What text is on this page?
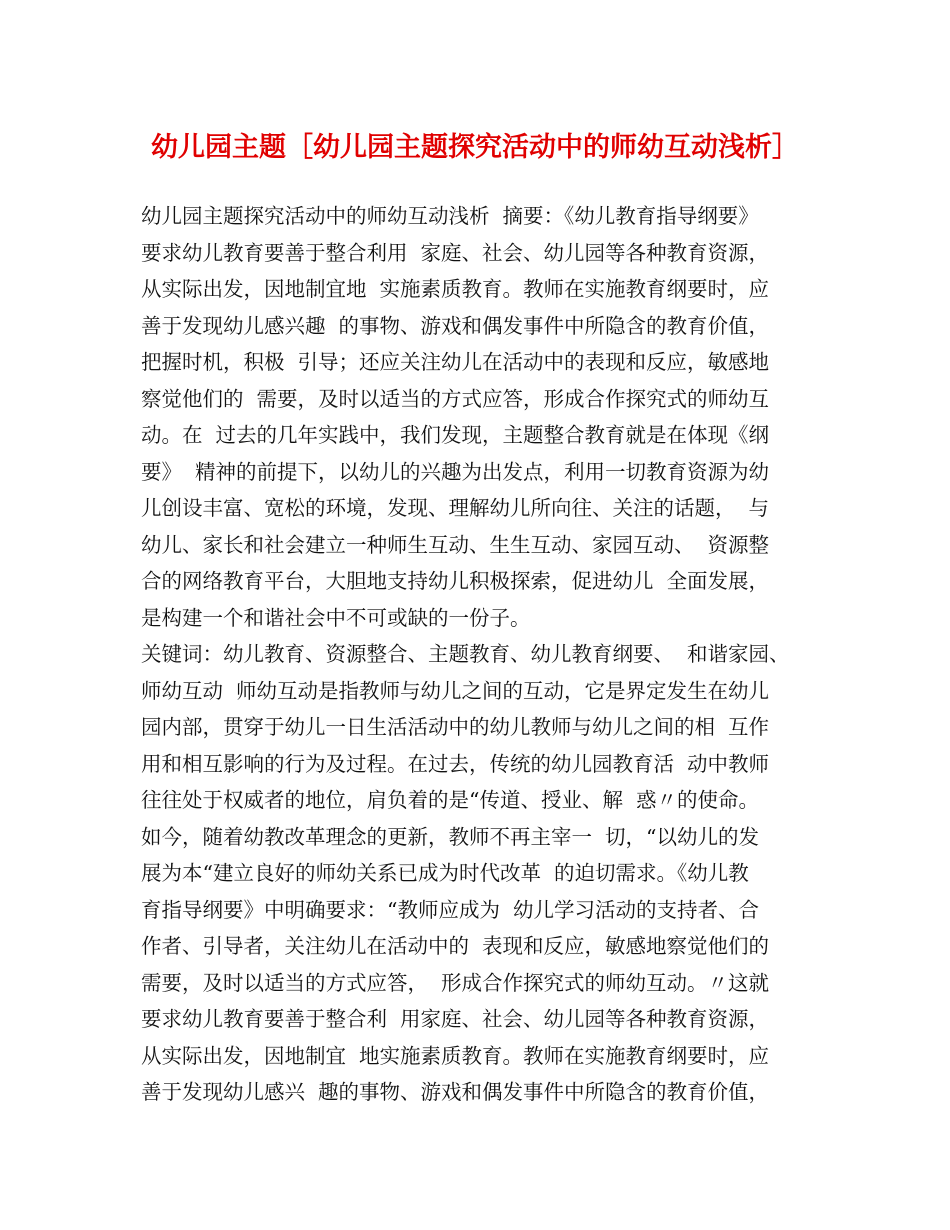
幼儿园主题［幼儿园主题探究活动中的师幼互动浅析］
幼儿园主题探究活动中的师幼互动浅析  摘要：《幼儿教育指导纲要》
要求幼儿教育要善于整合利用  家庭、社会、幼儿园等各种教育资源，
从实际出发，因地制宜地  实施素质教育。教师在实施教育纲要时，应
善于发现幼儿感兴趣  的事物、游戏和偶发事件中所隐含的教育价值，
把握时机，积极  引导；还应关注幼儿在活动中的表现和反应，敏感地
察觉他们的  需要，及时以适当的方式应答，形成合作探究式的师幼互
动。在  过去的几年实践中，我们发现，主题整合教育就是在体现《纲
要》  精神的前提下，以幼儿的兴趣为出发点，利用一切教育资源为幼
儿创设丰富、宽松的环境，发现、理解幼儿所向往、关注的话题，  与
幼儿、家长和社会建立一种师生互动、生生互动、家园互动、  资源整
合的网络教育平台，大胆地支持幼儿积极探索，促进幼儿  全面发展，
是构建一个和谐社会中不可或缺的一份子。
关键词：幼儿教育、资源整合、主题教育、幼儿教育纲要、  和谐家园、
师幼互动  师幼互动是指教师与幼儿之间的互动，它是界定发生在幼儿
园内部，贯穿于幼儿一日生活活动中的幼儿教师与幼儿之间的相  互作
用和相互影响的行为及过程。在过去，传统的幼儿园教育活  动中教师
往往处于权威者的地位，肩负着的是“传道、授业、解  惑〃的使命。
如今，随着幼教改革理念的更新，教师不再主宰一  切，“以幼儿的发
展为本“建立良好的师幼关系已成为时代改革  的迫切需求。《幼儿教
育指导纲要》中明确要求：“教师应成为  幼儿学习活动的支持者、合
作者、引导者，关注幼儿在活动中的  表现和反应，敏感地察觉他们的
需要，及时以适当的方式应答，  形成合作探究式的师幼互动。〃这就
要求幼儿教育要善于整合利  用家庭、社会、幼儿园等各种教育资源，
从实际出发，因地制宜  地实施素质教育。教师在实施教育纲要时，应
善于发现幼儿感兴  趣的事物、游戏和偶发事件中所隐含的教育价值，
